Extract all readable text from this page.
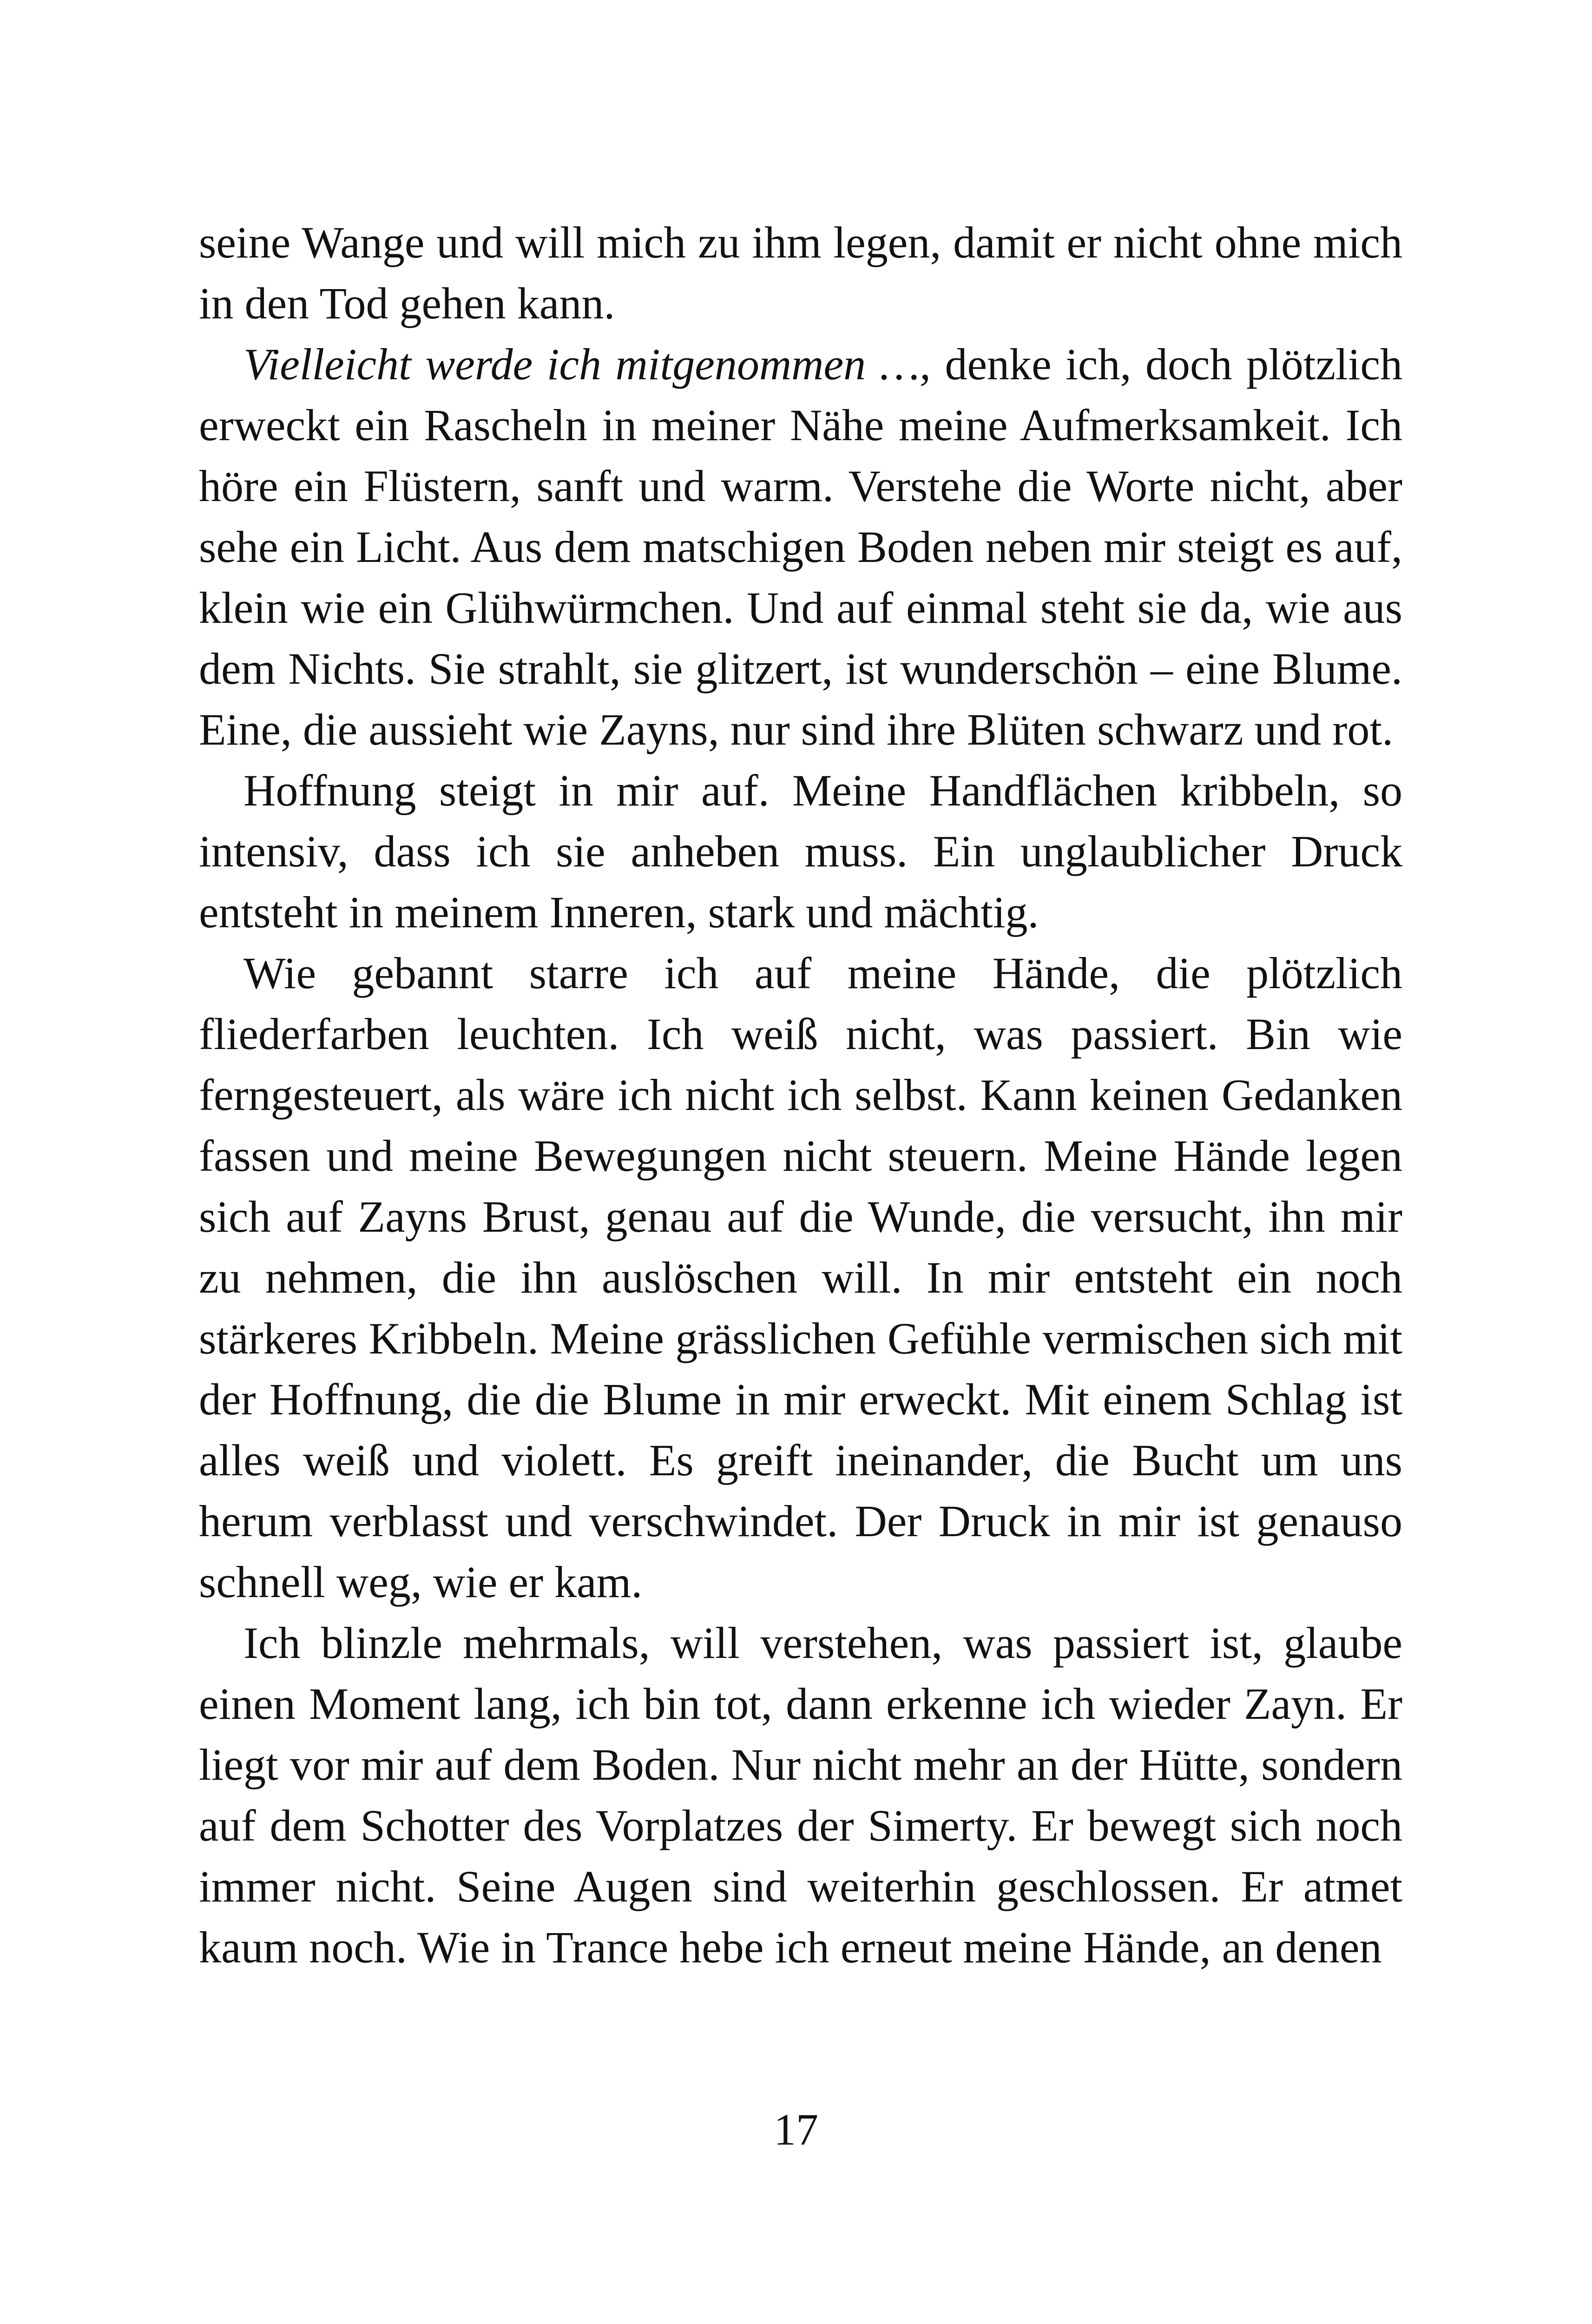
seine Wange und will mich zu ihm legen, damit er nicht ohne mich in den Tod gehen kann.

Vielleicht werde ich mitgenommen …, denke ich, doch plötzlich erweckt ein Rascheln in meiner Nähe meine Aufmerksamkeit. Ich höre ein Flüstern, sanft und warm. Verstehe die Worte nicht, aber sehe ein Licht. Aus dem matschigen Boden neben mir steigt es auf, klein wie ein Glühwürmchen. Und auf einmal steht sie da, wie aus dem Nichts. Sie strahlt, sie glitzert, ist wunderschön – eine Blume. Eine, die aussieht wie Zayns, nur sind ihre Blüten schwarz und rot.

Hoffnung steigt in mir auf. Meine Handflächen kribbeln, so intensiv, dass ich sie anheben muss. Ein unglaublicher Druck entsteht in meinem Inneren, stark und mächtig.

Wie gebannt starre ich auf meine Hände, die plötzlich fliederfarben leuchten. Ich weiß nicht, was passiert. Bin wie ferngesteuert, als wäre ich nicht ich selbst. Kann keinen Gedanken fassen und meine Bewegungen nicht steuern. Meine Hände legen sich auf Zayns Brust, genau auf die Wunde, die versucht, ihn mir zu nehmen, die ihn auslöschen will. In mir entsteht ein noch stärkeres Kribbeln. Meine grässlichen Gefühle vermischen sich mit der Hoffnung, die die Blume in mir erweckt. Mit einem Schlag ist alles weiß und violett. Es greift ineinander, die Bucht um uns herum verblasst und verschwindet. Der Druck in mir ist genauso schnell weg, wie er kam.

Ich blinzle mehrmals, will verstehen, was passiert ist, glaube einen Moment lang, ich bin tot, dann erkenne ich wieder Zayn. Er liegt vor mir auf dem Boden. Nur nicht mehr an der Hütte, sondern auf dem Schotter des Vorplatzes der Simerty. Er bewegt sich noch immer nicht. Seine Augen sind weiterhin geschlossen. Er atmet kaum noch. Wie in Trance hebe ich erneut meine Hände, an denen

17
